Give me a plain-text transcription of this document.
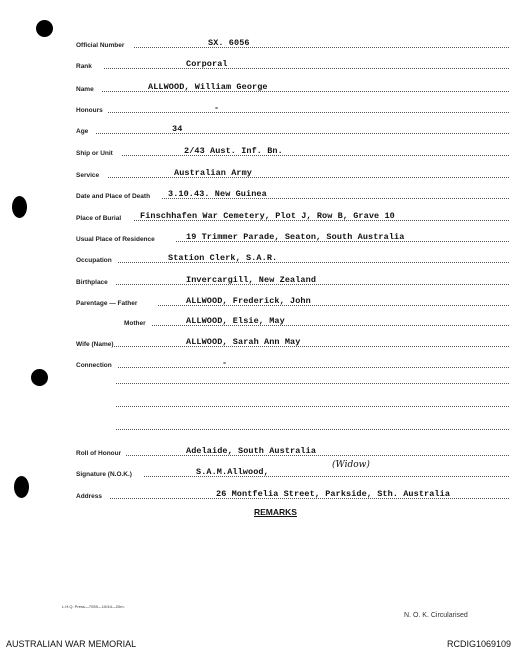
Official Number	SX. 6056
Rank	Corporal
Name	ALLWOOD, William George
Honours	-
Age	34
Ship or Unit	2/43 Aust. Inf. Bn.
Service	Australian Army
Date and Place of Death 3.10.43. New Guinea
Place of Burial Finschhafen War Cemetery, Plot J, Row B, Grave 10
Usual Place of Residence	19 Trimmer Parade, Seaton, South Australia
Occupation	Station Clerk, S.A.R.
Birthplace	Invercargill, New Zealand
Parentage — Father	ALLWOOD, Frederick, John
Mother	ALLWOOD, Elsie, May
Wife (Name)	ALLWOOD, Sarah Ann May
Connection	-
Roll of Honour	Adelaide, South Australia
Signature (N.O.K.)	S.A.M.Allwood,
(Widow)
Address	26 Montfelia Street, Parkside, Sth. Australia
REMARKS
L.H.Q. Press—7059—10/44—20m.
N. O. K. Circularised
AUSTRALIAN WAR MEMORIAL	RCDIG1069109
